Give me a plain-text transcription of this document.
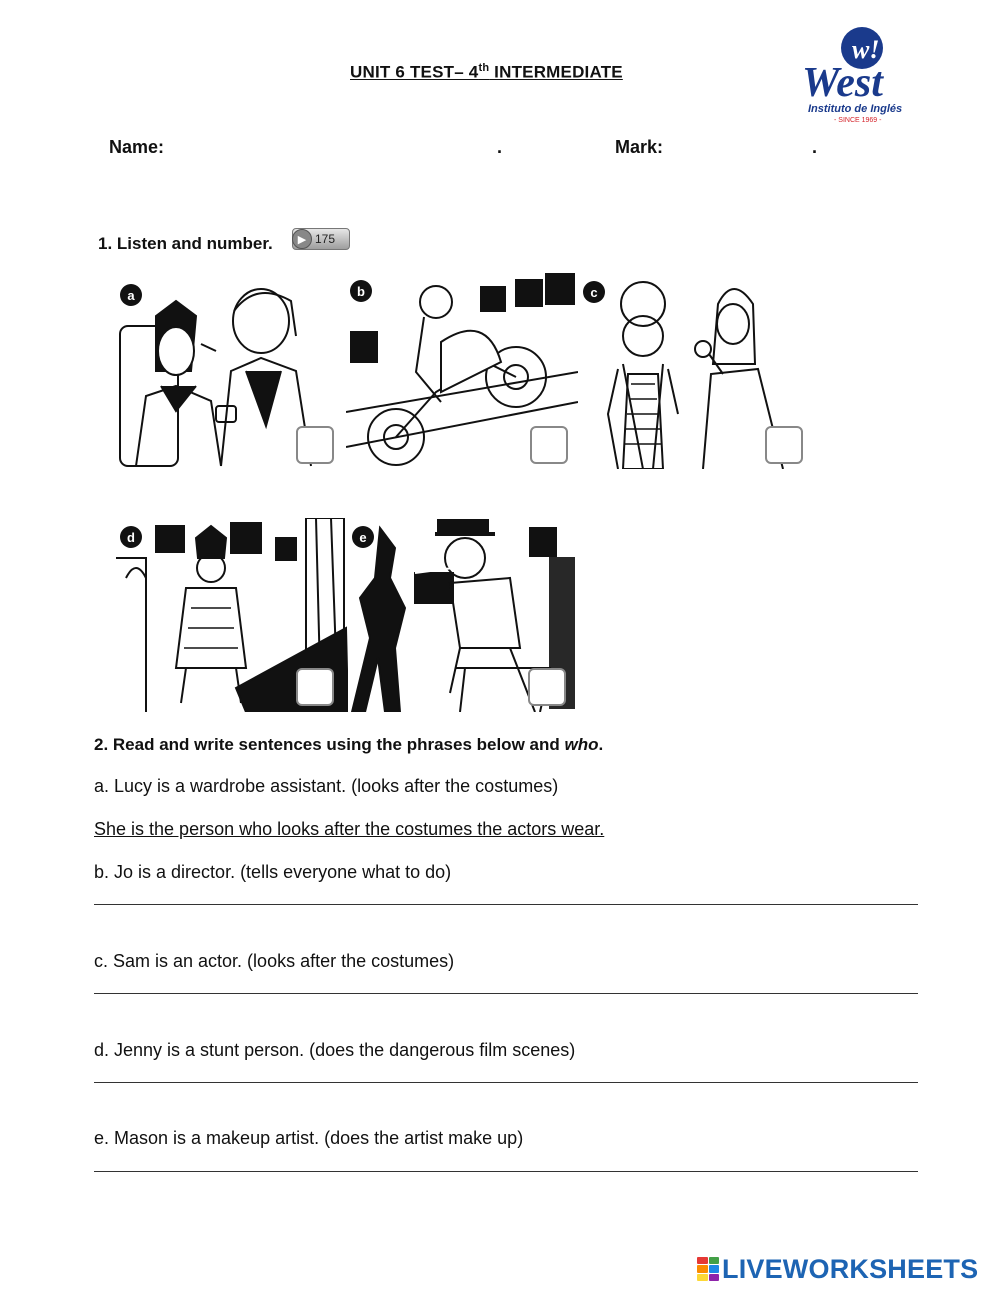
UNIT 6 TEST– 4th INTERMEDIATE
w!
West
Instituto de Inglés
- SINCE 1969 -
Name:	.	Mark:	.
1. Listen and number.	▶ 175
a	b	c
d	e
2. Read and write sentences using the phrases below and who.
a. Lucy is a wardrobe assistant. (looks after the costumes)
She is the person who looks after the costumes the actors wear.
b. Jo is a director. (tells everyone what to do)
c. Sam is an actor. (looks after the costumes)
d. Jenny is a stunt person. (does the dangerous film scenes)
e. Mason is a makeup artist. (does the artist make up)
LIVEWORKSHEETS
